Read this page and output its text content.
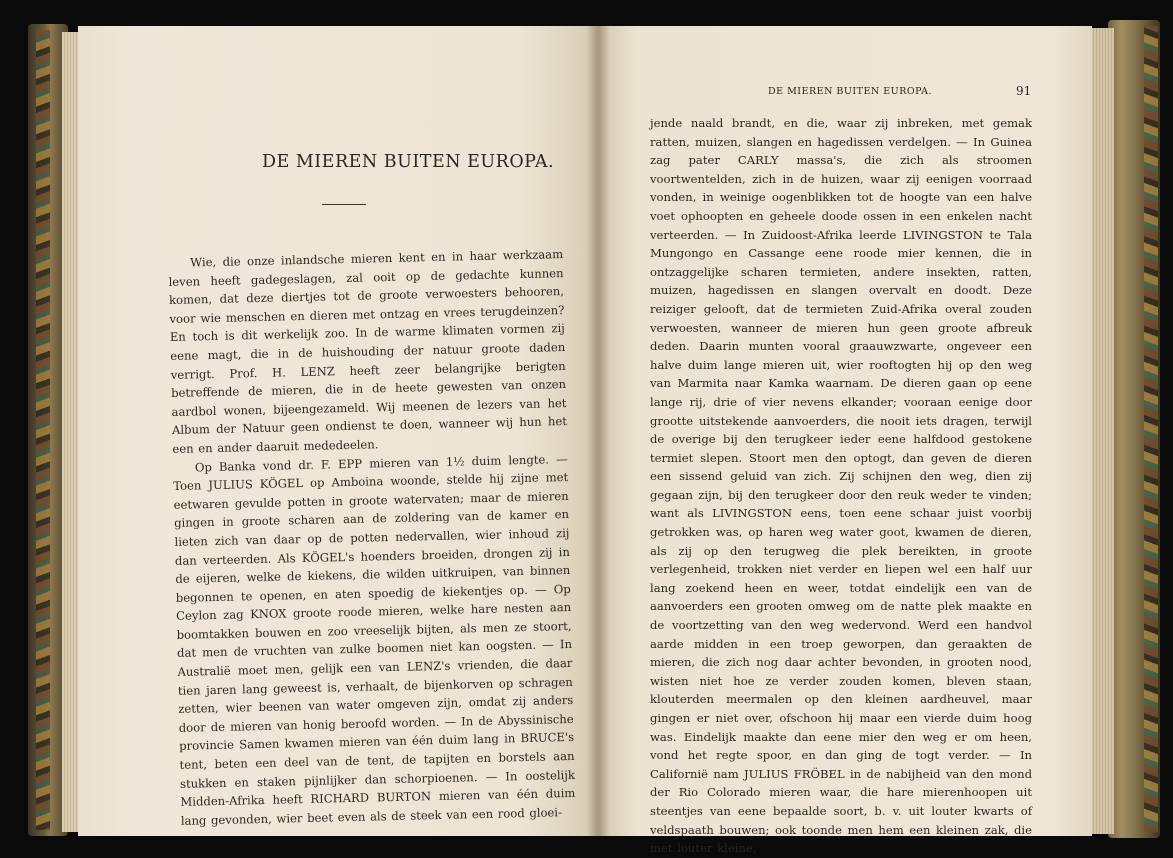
DE MIEREN BUITEN EUROPA.

Wie, die onze inlandsche mieren kent en in haar werkzaam leven heeft gadegeslagen, zal ooit op de gedachte kunnen komen, dat deze diertjes tot de groote verwoesters behooren, voor wie menschen en dieren met ontzag en vrees terugdeinzen? En toch is dit werkelijk zoo. In de warme klimaten vormen zij eene magt, die in de huishouding der natuur groote daden verrigt. Prof. H. LENZ heeft zeer belangrijke berigten betreffende de mieren, die in de heete gewesten van onzen aardbol wonen, bijeengezameld. Wij meenen de lezers van het Album der Natuur geen ondienst te doen, wanneer wij hun het een en ander daaruit mededeelen.

Op Banka vond dr. F. EPP mieren van 1½ duim lengte. — Toen JULIUS KÖGEL op Amboina woonde, stelde hij zijne met eetwaren gevulde potten in groote watervaten; maar de mieren gingen in groote scharen aan de zoldering van de kamer en lieten zich van daar op de potten nedervallen, wier inhoud zij dan verteerden. Als KÖGEL's hoenders broeiden, drongen zij in de eijeren, welke de kiekens, die wilden uitkruipen, van binnen begonnen te openen, en aten spoedig de kiekentjes op. — Op Ceylon zag KNOX groote roode mieren, welke hare nesten aan boomtakken bouwen en zoo vreeselijk bijten, als men ze stoort, dat men de vruchten van zulke boomen niet kan oogsten. — In Australië moet men, gelijk een van LENZ's vrienden, die daar tien jaren lang geweest is, verhaalt, de bijenkorven op schragen zetten, wier beenen van water omgeven zijn, omdat zij anders door de mieren van honig beroofd worden. — In de Abyssinische provincie Samen kwamen mieren van één duim lang in BRUCE's tent, beten een deel van de tent, de tapijten en borstels aan stukken en staken pijnlijker dan schorpioenen. — In oostelijk Midden-Afrika heeft RICHARD BURTON mieren van één duim lang gevonden, wier beet even als de steek van een rood gloei-

DE MIEREN BUITEN EUROPA.	91

jende naald brandt, en die, waar zij inbreken, met gemak ratten, muizen, slangen en hagedissen verdelgen. — In Guinea zag pater CARLY massa's, die zich als stroomen voortwentelden, zich in de huizen, waar zij eenigen voorraad vonden, in weinige oogenblikken tot de hoogte van een halve voet ophoopten en geheele doode ossen in een enkelen nacht verteerden. — In Zuidoost-Afrika leerde LIVINGSTON te Tala Mungongo en Cassange eene roode mier kennen, die in ontzaggelijke scharen termieten, andere insekten, ratten, muizen, hagedissen en slangen overvalt en doodt. Deze reiziger gelooft, dat de termieten Zuid-Afrika overal zouden verwoesten, wanneer de mieren hun geen groote afbreuk deden. Daarin munten vooral graauwzwarte, ongeveer een halve duim lange mieren uit, wier rooftogten hij op den weg van Marmita naar Kamka waarnam. De dieren gaan op eene lange rij, drie of vier nevens elkander; vooraan eenige door grootte uitstekende aanvoerders, die nooit iets dragen, terwijl de overige bij den terugkeer ieder eene halfdood gestokene termiet slepen. Stoort men den optogt, dan geven de dieren een sissend geluid van zich. Zij schijnen den weg, dien zij gegaan zijn, bij den terugkeer door den reuk weder te vinden; want als LIVINGSTON eens, toen eene schaar juist voorbij getrokken was, op haren weg water goot, kwamen de dieren, als zij op den terugweg die plek bereikten, in groote verlegenheid, trokken niet verder en liepen wel een half uur lang zoekend heen en weer, totdat eindelijk een van de aanvoerders een grooten omweg om de natte plek maakte en de voortzetting van den weg wedervond. Werd een handvol aarde midden in een troep geworpen, dan geraakten de mieren, die zich nog daar achter bevonden, in grooten nood, wisten niet hoe ze verder zouden komen, bleven staan, klouterden meermalen op den kleinen aardheuvel, maar gingen er niet over, ofschoon hij maar een vierde duim hoog was. Eindelijk maakte dan eene mier den weg er om heen, vond het regte spoor, en dan ging de togt verder. — In Californië nam JULIUS FRÖBEL in de nabijheid van den mond der Rio Colorado mieren waar, die hare mierenhoopen uit steentjes van eene bepaalde soort, b. v. uit louter kwarts of veldspaath bouwen; ook toonde men hem een kleinen zak, die met louter kleine,
